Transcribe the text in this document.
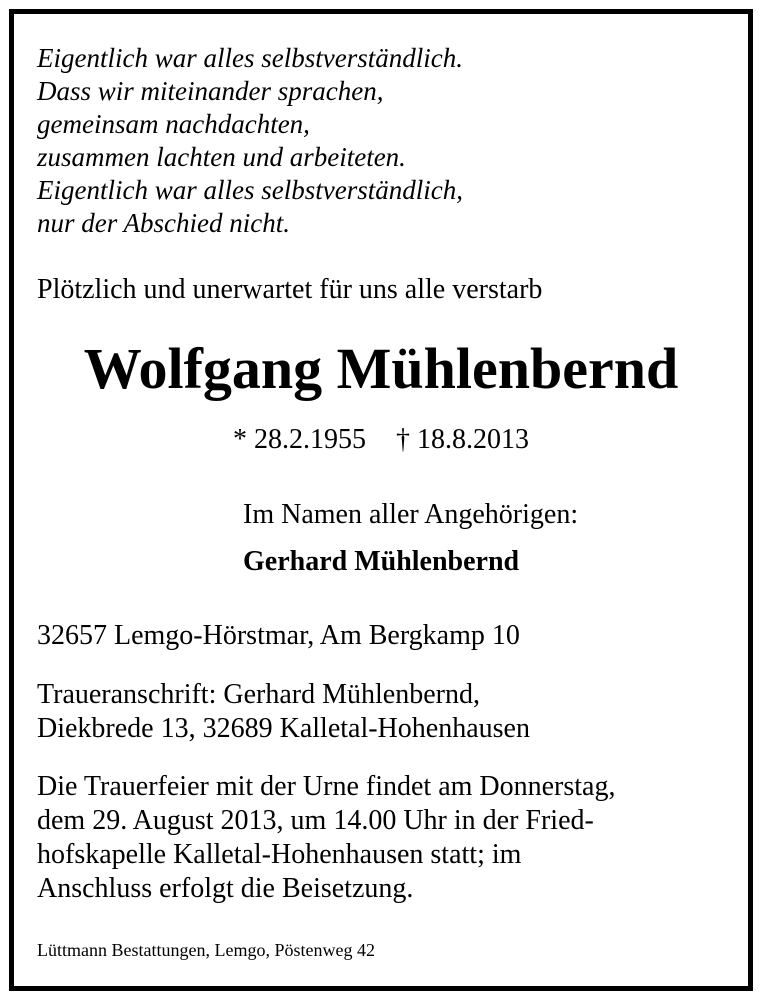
Eigentlich war alles selbstverständlich.
Dass wir miteinander sprachen,
gemeinsam nachdachten,
zusammen lachten und arbeiteten.
Eigentlich war alles selbstverständlich,
nur der Abschied nicht.
Plötzlich und unerwartet für uns alle verstarb
Wolfgang Mühlenbernd
* 28.2.1955 † 18.8.2013
Im Namen aller Angehörigen:
Gerhard Mühlenbernd
32657 Lemgo-Hörstmar, Am Bergkamp 10
Traueranschrift: Gerhard Mühlenbernd,
Diekbrede 13, 32689 Kalletal-Hohenhausen
Die Trauerfeier mit der Urne findet am Donnerstag,
dem 29. August 2013, um 14.00 Uhr in der Fried-
hofskapelle Kalletal-Hohenhausen statt; im
Anschluss erfolgt die Beisetzung.
Lüttmann Bestattungen, Lemgo, Pöstenweg 42
